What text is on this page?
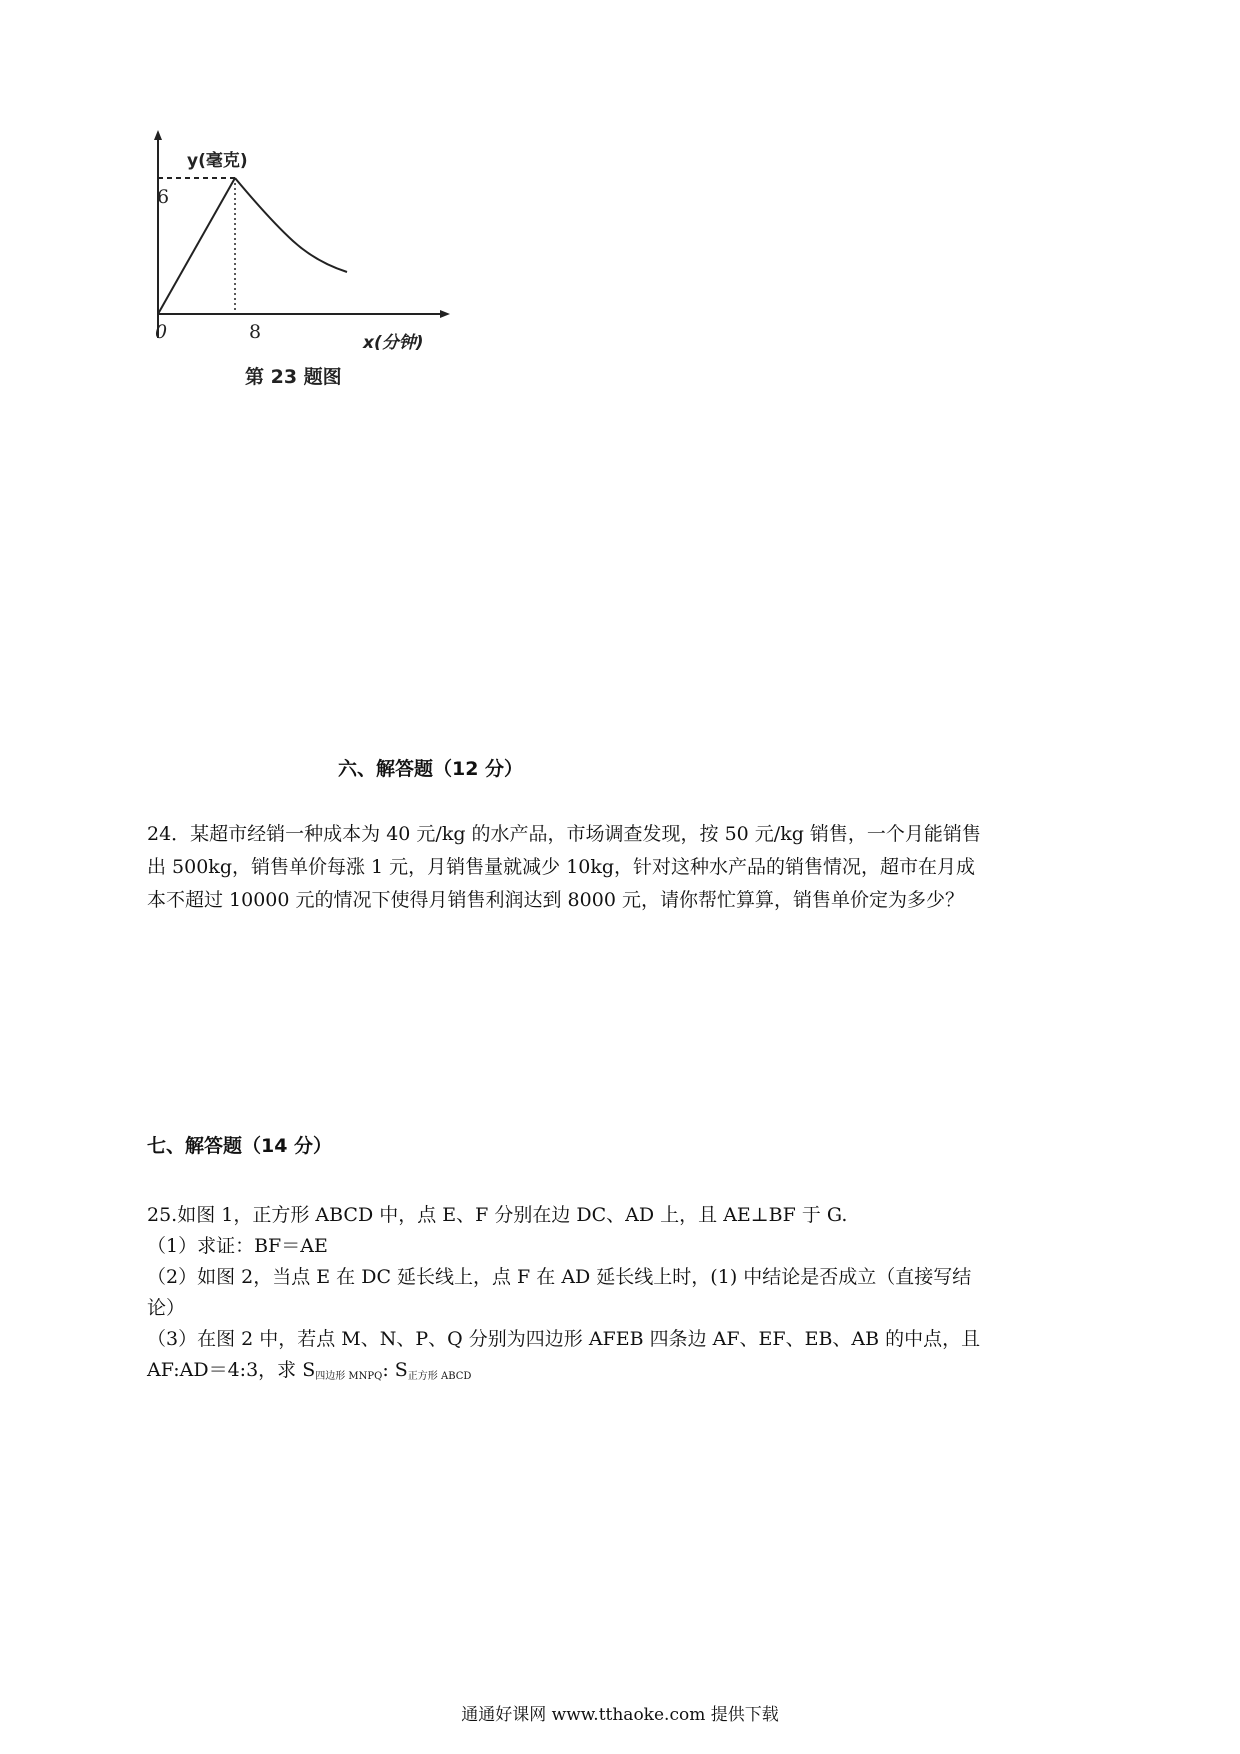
y(毫克)
6
0	8	x(分钟)
第 23 题图
六、解答题（12 分）
24．某超市经销一种成本为 40 元/kg 的水产品，市场调查发现，按 50 元/kg 销售，一个月能销售
出 500kg，销售单价每涨 1 元，月销售量就减少 10kg，针对这种水产品的销售情况，超市在月成
本不超过 10000 元的情况下使得月销售利润达到 8000 元，请你帮忙算算，销售单价定为多少？
七、解答题（14 分）
25.如图 1，正方形 ABCD 中，点 E、F 分别在边 DC、AD 上，且 AE⊥BF 于 G.
（1）求证：BF＝AE
（2）如图 2，当点 E 在 DC 延长线上，点 F 在 AD 延长线上时，(1) 中结论是否成立（直接写结
论）
（3）在图 2 中，若点 M、N、P、Q 分别为四边形 AFEB 四条边 AF、EF、EB、AB 的中点，且
AF:AD＝4:3，求 S四边形 MNPQ: S正方形 ABCD
通通好课网 www.tthaoke.com 提供下载
